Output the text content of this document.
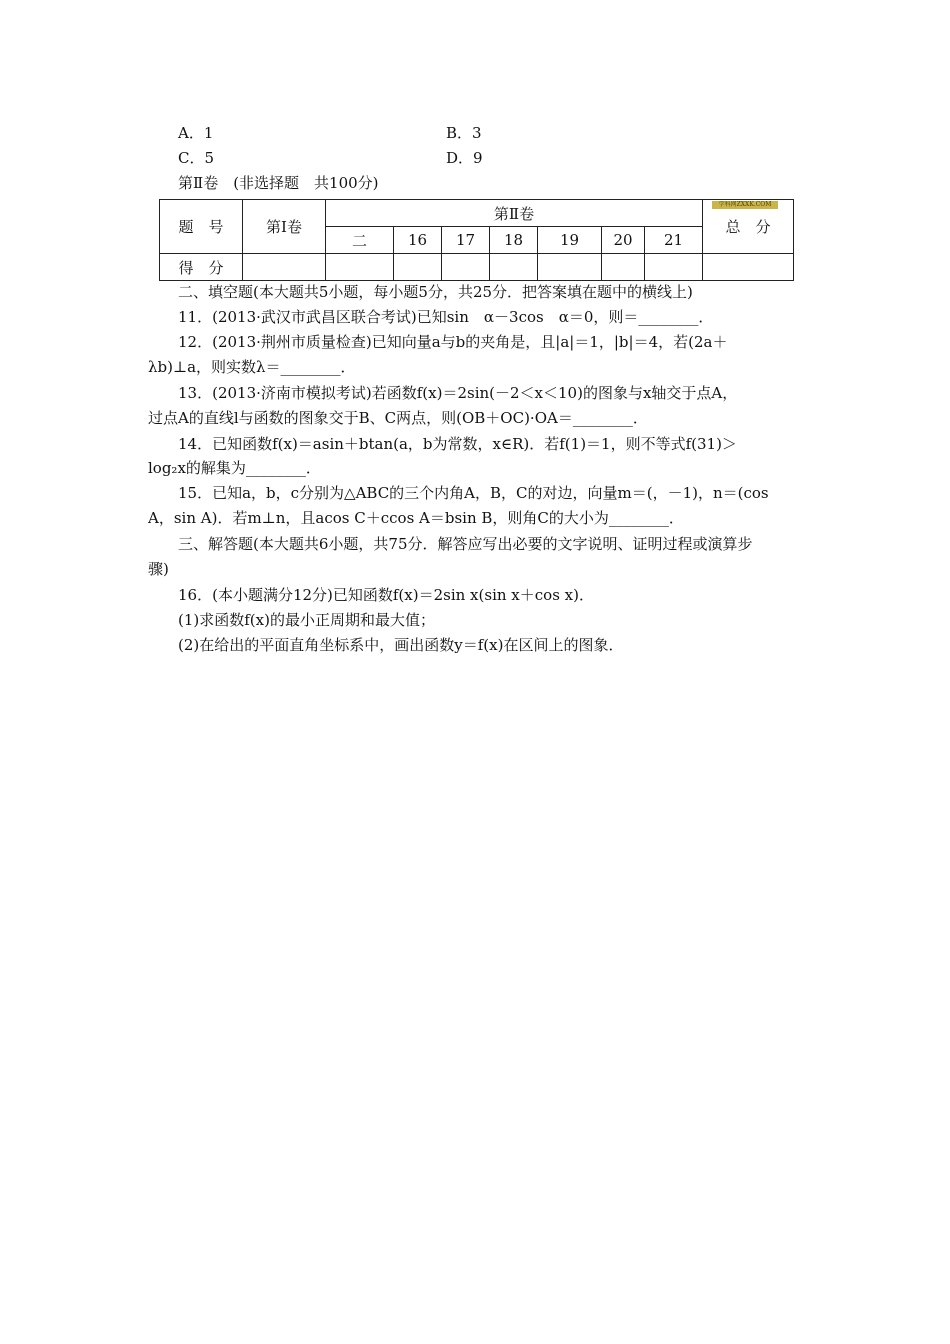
A．1	B．3
C．5	D．9
第Ⅱ卷　(非选择题　共100分)
题　号	第Ⅰ卷	第Ⅱ卷							总　分
		二	16	17	18	19	20	21	
得　分									
学科网ZXXK.COM
二、填空题(本大题共5小题，每小题5分，共25分．把答案填在题中的横线上)
11．(2013·武汉市武昌区联合考试)已知sin　α－3cos　α＝0，则＝________．
12．(2013·荆州市质量检查)已知向量a与b的夹角是，且|a|＝1，|b|＝4，若(2a＋
λb)⊥a，则实数λ＝________．
13．(2013·济南市模拟考试)若函数f(x)＝2sin(－2＜x＜10)的图象与x轴交于点A，
过点A的直线l与函数的图象交于B、C两点，则(OB＋OC)·OA＝________．
14．已知函数f(x)＝asin＋btan(a，b为常数，x∈R)．若f(1)＝1，则不等式f(31)＞
log₂x的解集为________．
15．已知a，b，c分别为△ABC的三个内角A，B，C的对边，向量m＝(，－1)，n＝(cos
A，sin A)．若m⊥n，且acos C＋ccos A＝bsin B，则角C的大小为________．
三、解答题(本大题共6小题，共75分．解答应写出必要的文字说明、证明过程或演算步
骤)
16．(本小题满分12分)已知函数f(x)＝2sin x(sin x＋cos x)．
(1)求函数f(x)的最小正周期和最大值；
(2)在给出的平面直角坐标系中，画出函数y＝f(x)在区间上的图象．
